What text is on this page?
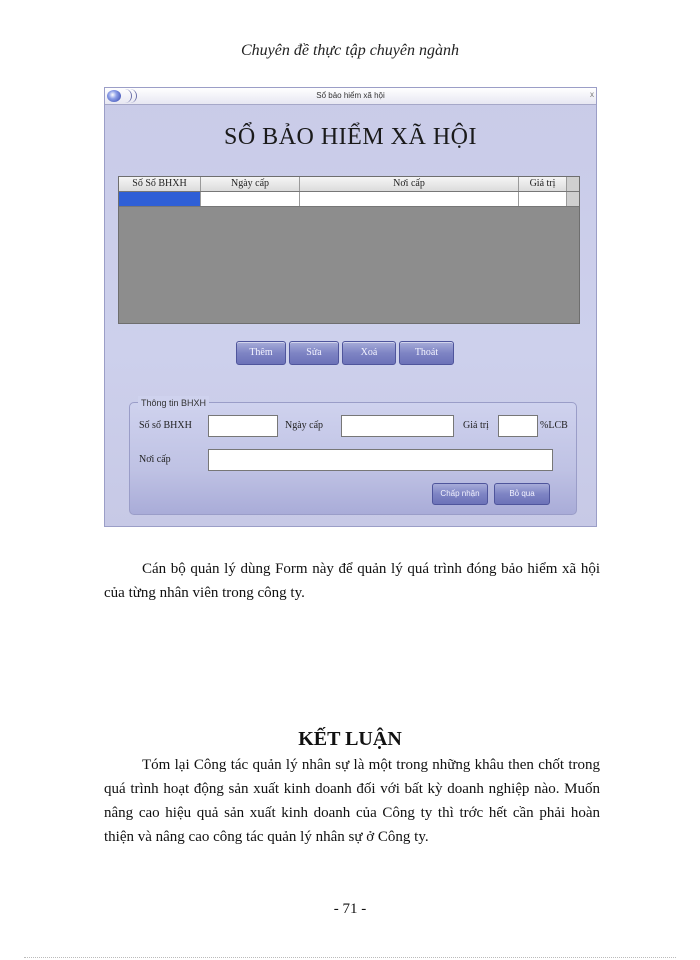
Chuyên đề thực tập chuyên ngành
Sổ bảo hiểm xã hội	x
SỔ BẢO HIỂM XÃ HỘI
Số Sổ BHXH	Ngày cấp	Nơi cấp	Giá trị
Thêm	Sửa	Xoá	Thoát
Thông tin BHXH
Số sổ BHXH	Ngày cấp	Giá trị	%LCB
Nơi cấp
Chấp nhận	Bỏ qua
Cán bộ quản lý dùng Form này để quản lý quá trình đóng bảo hiểm xã hội của từng nhân viên trong công ty.
KẾT LUẬN
Tóm lại Công tác quản lý nhân sự là một trong những khâu then chốt trong quá trình hoạt động sản xuất kinh doanh đối với bất kỳ doanh nghiệp nào. Muốn nâng cao hiệu quả sản xuất kinh doanh của Công ty thì trớc hết cần phải hoàn thiện và nâng cao công tác quản lý nhân sự ở Công ty.
- 71 -
